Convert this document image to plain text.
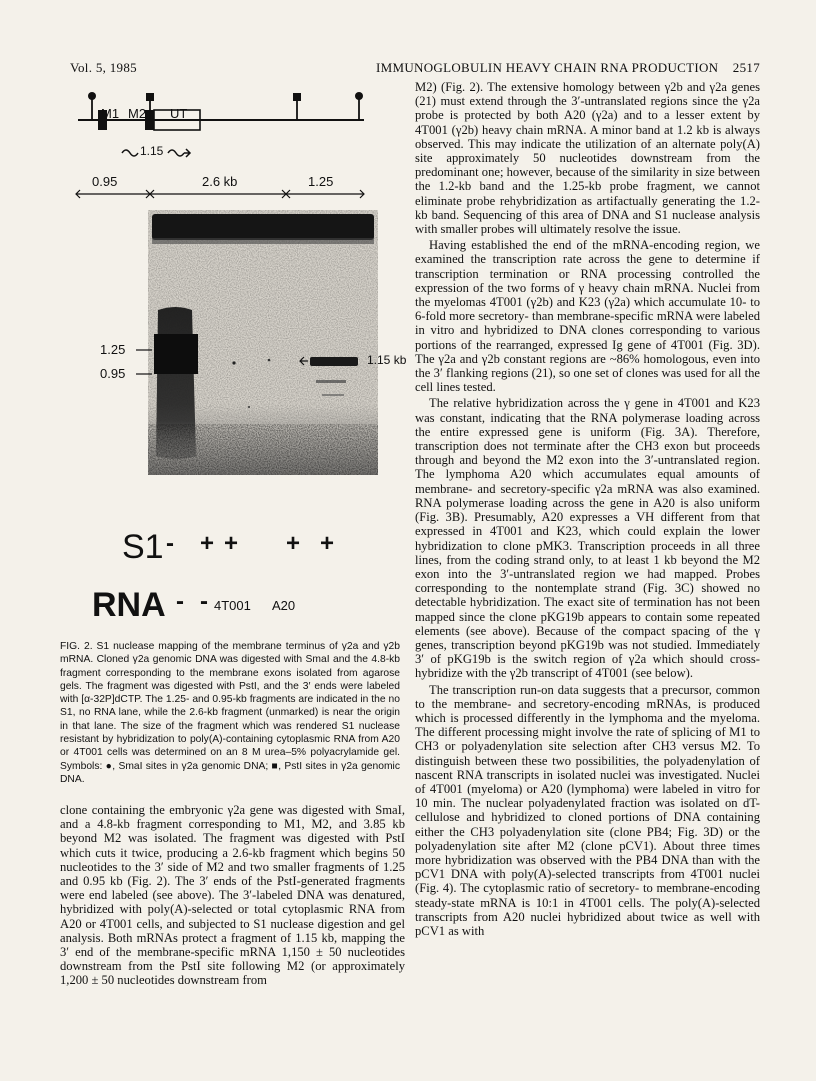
Vol. 5, 1985	IMMUNOGLOBULIN HEAVY CHAIN RNA PRODUCTION 2517
M1 M2 UT
1.15
0.95	2.6 kb	1.25
1.25
0.95
1.15 kb
S1 - + + + +
RNA - - 4T001 A20
FIG. 2. S1 nuclease mapping of the membrane terminus of γ2a and γ2b mRNA. Cloned γ2a genomic DNA was digested with SmaI and the 4.8-kb fragment corresponding to the membrane exons isolated from agarose gels. The fragment was digested with PstI, and the 3′ ends were labeled with [α-32P]dCTP. The 1.25- and 0.95-kb fragments are indicated in the no S1, no RNA lane, while the 2.6-kb fragment (unmarked) is near the origin in that lane. The size of the fragment which was rendered S1 nuclease resistant by hybridization to poly(A)-containing cytoplasmic RNA from A20 or 4T001 cells was determined on an 8 M urea–5% polyacrylamide gel. Symbols: ●, SmaI sites in γ2a genomic DNA; ■, PstI sites in γ2a genomic DNA.

clone containing the embryonic γ2a gene was digested with SmaI, and a 4.8-kb fragment corresponding to M1, M2, and 3.85 kb beyond M2 was isolated. The fragment was digested with PstI which cuts it twice, producing a 2.6-kb fragment which begins 50 nucleotides to the 3′ side of M2 and two smaller fragments of 1.25 and 0.95 kb (Fig. 2). The 3′ ends of the PstI-generated fragments were end labeled (see above). The 3′-labeled DNA was denatured, hybridized with poly(A)-selected or total cytoplasmic RNA from A20 or 4T001 cells, and subjected to S1 nuclease digestion and gel analysis. Both mRNAs protect a fragment of 1.15 kb, mapping the 3′ end of the membrane-specific mRNA 1,150 ± 50 nucleotides downstream from the PstI site following M2 (or approximately 1,200 ± 50 nucleotides downstream from

M2) (Fig. 2). The extensive homology between γ2b and γ2a genes (21) must extend through the 3′-untranslated regions since the γ2a probe is protected by both A20 (γ2a) and to a lesser extent by 4T001 (γ2b) heavy chain mRNA. A minor band at 1.2 kb is always observed. This may indicate the utilization of an alternate poly(A) site approximately 50 nucleotides downstream from the predominant one; however, because of the similarity in size between the 1.2-kb band and the 1.25-kb probe fragment, we cannot eliminate probe rehybridization as artifactually generating the 1.2-kb band. Sequencing of this area of DNA and S1 nuclease analysis with smaller probes will ultimately resolve the issue.

Having established the end of the mRNA-encoding region, we examined the transcription rate across the gene to determine if transcription termination or RNA processing controlled the expression of the two forms of γ heavy chain mRNA. Nuclei from the myelomas 4T001 (γ2b) and K23 (γ2a) which accumulate 10- to 6-fold more secretory- than membrane-specific mRNA were labeled in vitro and hybridized to DNA clones corresponding to various portions of the rearranged, expressed Ig gene of 4T001 (Fig. 3D). The γ2a and γ2b constant regions are ~86% homologous, even into the 3′ flanking regions (21), so one set of clones was used for all the cell lines tested.

The relative hybridization across the γ gene in 4T001 and K23 was constant, indicating that the RNA polymerase loading across the entire expressed gene is uniform (Fig. 3A). Therefore, transcription does not terminate after the CH3 exon but proceeds through and beyond the M2 exon into the 3′-untranslated region. The lymphoma A20 which accumulates equal amounts of membrane- and secretory-specific γ2a mRNA was also examined. RNA polymerase loading across the gene in A20 is also uniform (Fig. 3B). Presumably, A20 expresses a VH different from that expressed in 4T001 and K23, which could explain the lower hybridization to clone pMK3. Transcription proceeds in all three lines, from the coding strand only, to at least 1 kb beyond the M2 exon into the 3′-untranslated region we had mapped. Probes corresponding to the nontemplate strand (Fig. 3C) showed no detectable hybridization. The exact site of termination has not been mapped since the clone pKG19b appears to contain some repeated elements (see above). Because of the compact spacing of the γ genes, transcription beyond pKG19b was not studied. Immediately 3′ of pKG19b is the switch region of γ2a which should cross-hybridize with the γ2b transcript of 4T001 (see below).

The transcription run-on data suggests that a precursor, common to the membrane- and secretory-encoding mRNAs, is produced which is processed differently in the lymphoma and the myeloma. The different processing might involve the rate of splicing of M1 to CH3 or polyadenylation site selection after CH3 versus M2. To distinguish between these two possibilities, the polyadenylation of nascent RNA transcripts in isolated nuclei was investigated. Nuclei of 4T001 (myeloma) or A20 (lymphoma) were labeled in vitro for 10 min. The nuclear polyadenylated fraction was isolated on dT-cellulose and hybridized to cloned portions of DNA containing either the CH3 polyadenylation site (clone PB4; Fig. 3D) or the polyadenylation site after M2 (clone pCV1). About three times more hybridization was observed with the PB4 DNA than with the pCV1 DNA with poly(A)-selected transcripts from 4T001 nuclei (Fig. 4). The cytoplasmic ratio of secretory- to membrane-encoding steady-state mRNA is 10:1 in 4T001 cells. The poly(A)-selected transcripts from A20 nuclei hybridized about twice as well with pCV1 as with
